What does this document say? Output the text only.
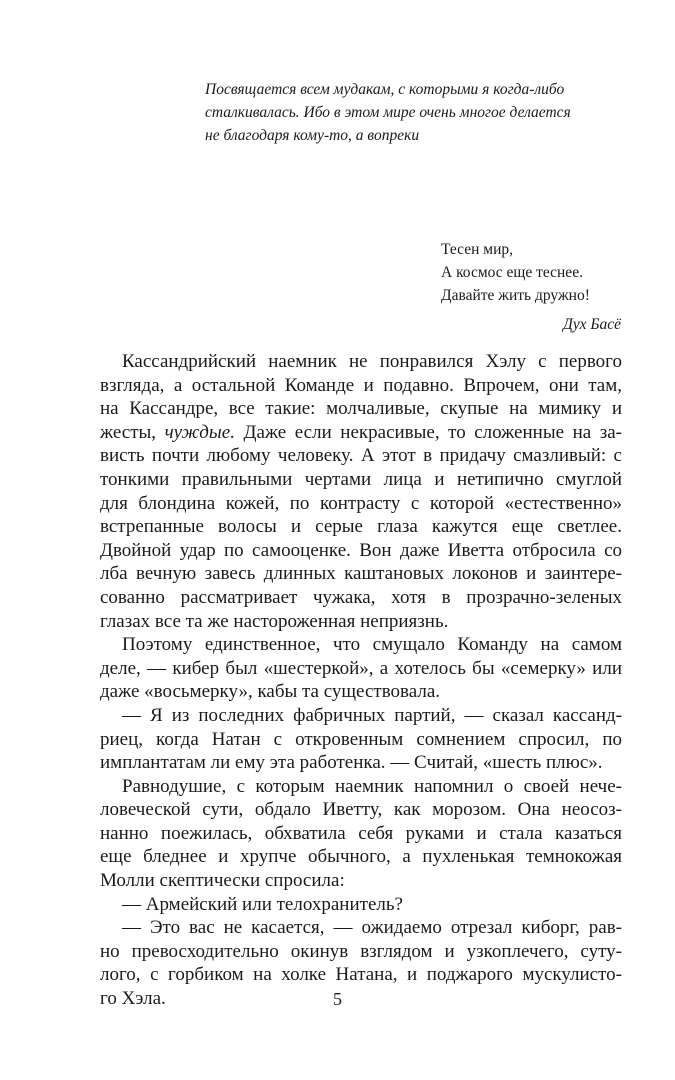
Посвящается всем мудакам, с которыми я когда-либо
сталкивалась. Ибо в этом мире очень многое делается
не благодаря кому-то, а вопреки
Тесен мир,
А космос еще теснее.
Давайте жить дружно!
Дух Басё
Кассандрийский наемник не понравился Хэлу с первого
взгляда, а остальной Команде и подавно. Впрочем, они там,
на Кассандре, все такие: молчаливые, скупые на мимику и
жесты, чуждые. Даже если некрасивые, то сложенные на за-
висть почти любому человеку. А этот в придачу смазливый: с
тонкими правильными чертами лица и нетипично смуглой
для блондина кожей, по контрасту с которой «естественно»
встрепанные волосы и серые глаза кажутся еще светлее.
Двойной удар по самооценке. Вон даже Иветта отбросила со
лба вечную завесь длинных каштановых локонов и заинтере-
сованно рассматривает чужака, хотя в прозрачно-зеленых
глазах все та же настороженная неприязнь.
Поэтому единственное, что смущало Команду на самом
деле, — кибер был «шестеркой», а хотелось бы «семерку» или
даже «восьмерку», кабы та существовала.
— Я из последних фабричных партий, — сказал кассанд-
риец, когда Натан с откровенным сомнением спросил, по
имплантатам ли ему эта работенка. — Считай, «шесть плюс».
Равнодушие, с которым наемник напомнил о своей нече-
ловеческой сути, обдало Иветту, как морозом. Она неосоз-
нанно поежилась, обхватила себя руками и стала казаться
еще бледнее и хрупче обычного, а пухленькая темнокожая
Молли скептически спросила:
— Армейский или телохранитель?
— Это вас не касается, — ожидаемо отрезал киборг, рав-
но превосходительно окинув взглядом и узкоплечего, суту-
лого, с горбиком на холке Натана, и поджарого мускулисто-
го Хэла.	5
